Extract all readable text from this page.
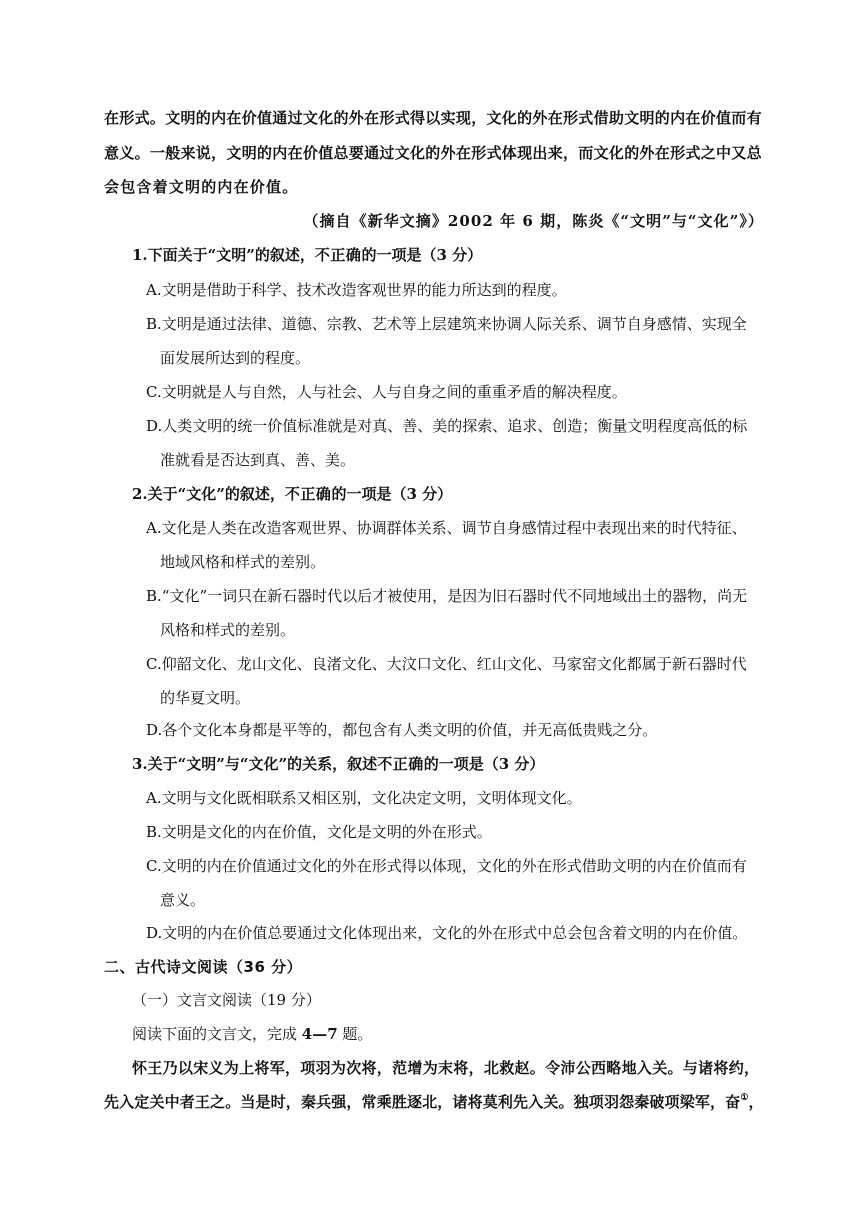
在形式。文明的内在价值通过文化的外在形式得以实现，文化的外在形式借助文明的内在价值而有
意义。一般来说，文明的内在价值总要通过文化的外在形式体现出来，而文化的外在形式之中又总
会包含着文明的内在价值。
（摘自《新华文摘》2002 年 6 期，陈炎《“文明”与“文化”》）
1.下面关于“文明”的叙述，不正确的一项是（3 分）
A.文明是借助于科学、技术改造客观世界的能力所达到的程度。
B.文明是通过法律、道德、宗教、艺术等上层建筑来协调人际关系、调节自身感情、实现全
面发展所达到的程度。
C.文明就是人与自然，人与社会、人与自身之间的重重矛盾的解决程度。
D.人类文明的统一价值标准就是对真、善、美的探索、追求、创造；衡量文明程度高低的标
准就看是否达到真、善、美。
2.关于“文化”的叙述，不正确的一项是（3 分）
A.文化是人类在改造客观世界、协调群体关系、调节自身感情过程中表现出来的时代特征、
地域风格和样式的差别。
B.“文化”一词只在新石器时代以后才被使用，是因为旧石器时代不同地域出土的器物，尚无
风格和样式的差别。
C.仰韶文化、龙山文化、良渚文化、大汶口文化、红山文化、马家窑文化都属于新石器时代
的华夏文明。
D.各个文化本身都是平等的，都包含有人类文明的价值，并无高低贵贱之分。
3.关于“文明”与“文化”的关系，叙述不正确的一项是（3 分）
A.文明与文化既相联系又相区别，文化决定文明，文明体现文化。
B.文明是文化的内在价值，文化是文明的外在形式。
C.文明的内在价值通过文化的外在形式得以体现，文化的外在形式借助文明的内在价值而有
意义。
D.文明的内在价值总要通过文化体现出来，文化的外在形式中总会包含着文明的内在价值。
二、古代诗文阅读（36 分）
（一）文言文阅读（19 分）
阅读下面的文言文，完成 4—7 题。
怀王乃以宋义为上将军，项羽为次将，范增为末将，北救赵。令沛公西略地入关。与诸将约，
先入定关中者王之。当是时，秦兵强，常乘胜逐北，诸将莫利先入关。独项羽怨秦破项梁军，奋①，
